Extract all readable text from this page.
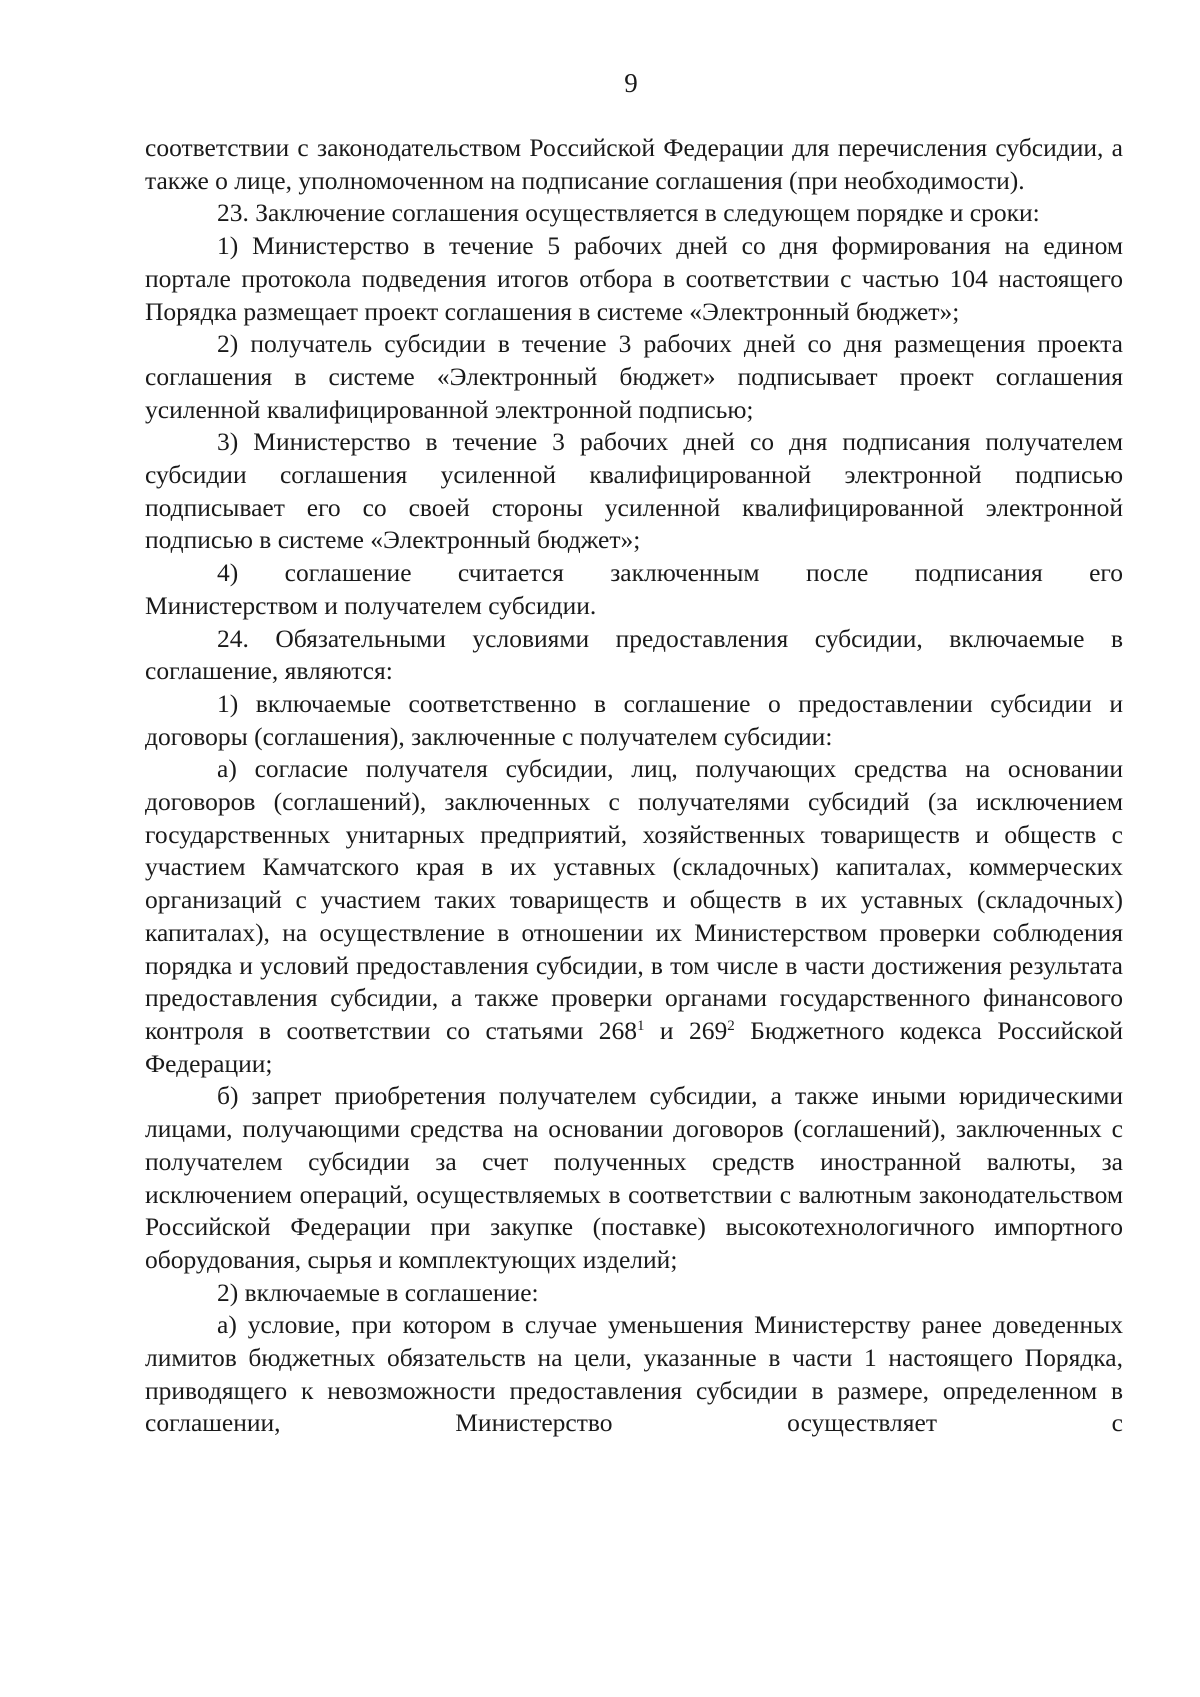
9

соответствии с законодательством Российской Федерации для перечисления субсидии, а также о лице, уполномоченном на подписание соглашения (при необходимости).

23. Заключение соглашения осуществляется в следующем порядке и сроки:

1) Министерство в течение 5 рабочих дней со дня формирования на едином портале протокола подведения итогов отбора в соответствии с частью 104 настоящего Порядка размещает проект соглашения в системе «Электронный бюджет»;

2) получатель субсидии в течение 3 рабочих дней со дня размещения проекта соглашения в системе «Электронный бюджет» подписывает проект соглашения усиленной квалифицированной электронной подписью;

3) Министерство в течение 3 рабочих дней со дня подписания получателем субсидии соглашения усиленной квалифицированной электронной подписью подписывает его со своей стороны усиленной квалифицированной электронной подписью в системе «Электронный бюджет»;

4) соглашение считается заключенным после подписания его

Министерством и получателем субсидии.

24. Обязательными условиями предоставления субсидии, включаемые в соглашение, являются:

1) включаемые соответственно в соглашение о предоставлении субсидии и договоры (соглашения), заключенные с получателем субсидии:

а) согласие получателя субсидии, лиц, получающих средства на основании договоров (соглашений), заключенных с получателями субсидий (за исключением государственных унитарных предприятий, хозяйственных товариществ и обществ с участием Камчатского края в их уставных (складочных) капиталах, коммерческих организаций с участием таких товариществ и обществ в их уставных (складочных) капиталах), на осуществление в отношении их Министерством проверки соблюдения порядка и условий предоставления субсидии, в том числе в части достижения результата предоставления субсидии, а также проверки органами государственного финансового контроля в соответствии со статьями $268^1$ и $269^2$ Бюджетного кодекса Российской Федерации;

б) запрет приобретения получателем субсидии, а также иными юридическими лицами, получающими средства на основании договоров (соглашений), заключенных с получателем субсидии за счет полученных средств иностранной валюты, за исключением операций, осуществляемых в соответствии с валютным законодательством Российской Федерации при закупке (поставке) высокотехнологичного импортного оборудования, сырья и комплектующих изделий;

2) включаемые в соглашение:

а) условие, при котором в случае уменьшения Министерству ранее доведенных лимитов бюджетных обязательств на цели, указанные в части 1 настоящего Порядка, приводящего к невозможности предоставления субсидии в размере, определенном в соглашении, Министерство осуществляет с
